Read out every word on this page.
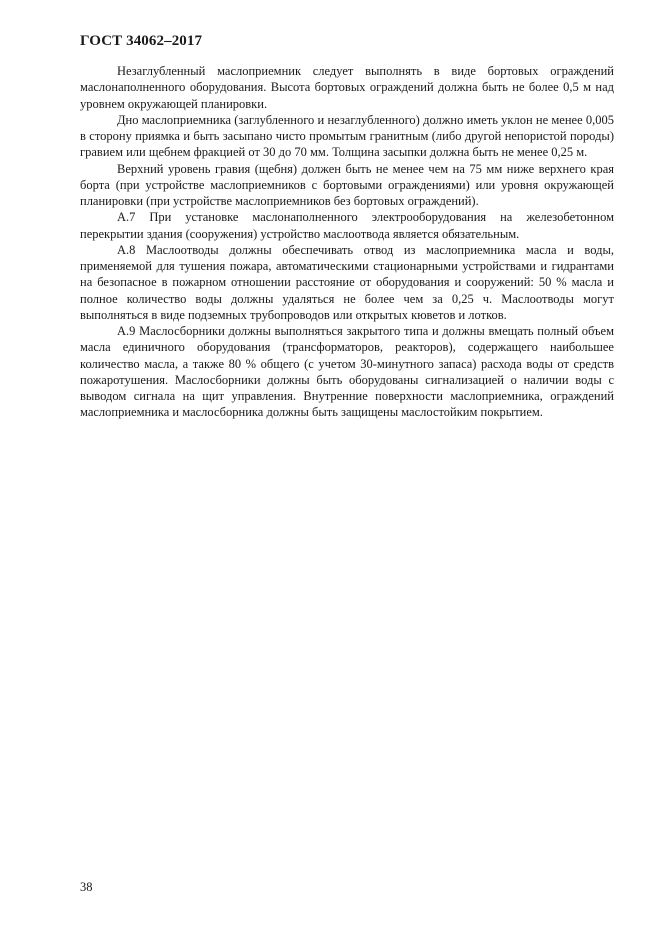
ГОСТ 34062–2017

Незаглубленный маслоприемник следует выполнять в виде бортовых ограждений маслонаполненного оборудования. Высота бортовых ограждений должна быть не более 0,5 м над уровнем окружающей планировки.

Дно маслоприемника (заглубленного и незаглубленного) должно иметь уклон не менее 0,005 в сторону приямка и быть засыпано чисто промытым гранитным (либо другой непористой породы) гравием или щебнем фракцией от 30 до 70 мм. Толщина засыпки должна быть не менее 0,25 м.

Верхний уровень гравия (щебня) должен быть не менее чем на 75 мм ниже верхнего края борта (при устройстве маслоприемников с бортовыми ограждениями) или уровня окружающей планировки (при устройстве маслоприемников без бортовых ограждений).

А.7 При установке маслонаполненного электрооборудования на железобетонном перекрытии здания (сооружения) устройство маслоотвода является обязательным.

А.8 Маслоотводы должны обеспечивать отвод из маслоприемника масла и воды, применяемой для тушения пожара, автоматическими стационарными устройствами и гидрантами на безопасное в пожарном отношении расстояние от оборудования и сооружений: 50 % масла и полное количество воды должны удаляться не более чем за 0,25 ч. Маслоотводы могут выполняться в виде подземных трубопроводов или открытых кюветов и лотков.

А.9 Маслосборники должны выполняться закрытого типа и должны вмещать полный объем масла единичного оборудования (трансформаторов, реакторов), содержащего наибольшее количество масла, а также 80 % общего (с учетом 30-минутного запаса) расхода воды от средств пожаротушения. Маслосборники должны быть оборудованы сигнализацией о наличии воды с выводом сигнала на щит управления. Внутренние поверхности маслоприемника, ограждений маслоприемника и маслосборника должны быть защищены маслостойким покрытием.

38
